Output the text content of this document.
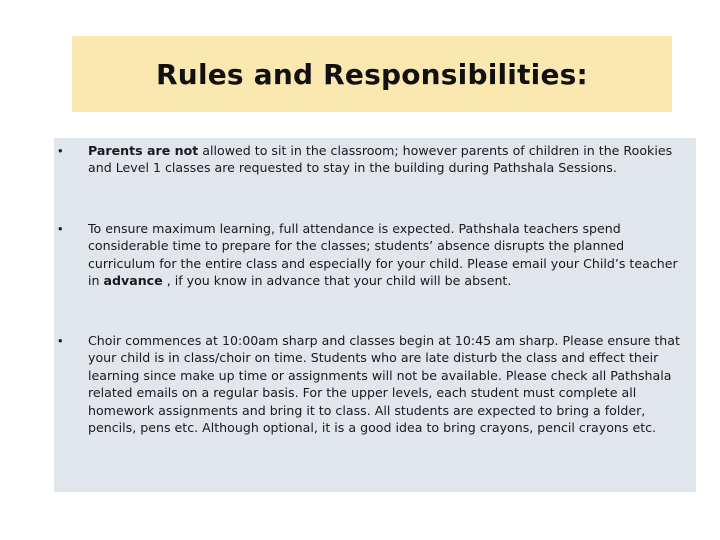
Rules and Responsibilities:
• Parents are not allowed to sit in the classroom; however parents of children in the Rookies and Level 1 classes are requested to stay in the building during Pathshala Sessions.
• To ensure maximum learning, full attendance is expected. Pathshala teachers spend considerable time to prepare for the classes; students’ absence disrupts the planned curriculum for the entire class and especially for your child. Please email your Child’s teacher in advance , if you know in advance that your child will be absent.
• Choir commences at 10:00am sharp and classes begin at 10:45 am sharp. Please ensure that your child is in class/choir on time. Students who are late disturb the class and effect their learning since make up time or assignments will not be available. Please check all Pathshala related emails on a regular basis. For the upper levels, each student must complete all homework assignments and bring it to class. All students are expected to bring a folder, pencils, pens etc. Although optional, it is a good idea to bring crayons, pencil crayons etc.
